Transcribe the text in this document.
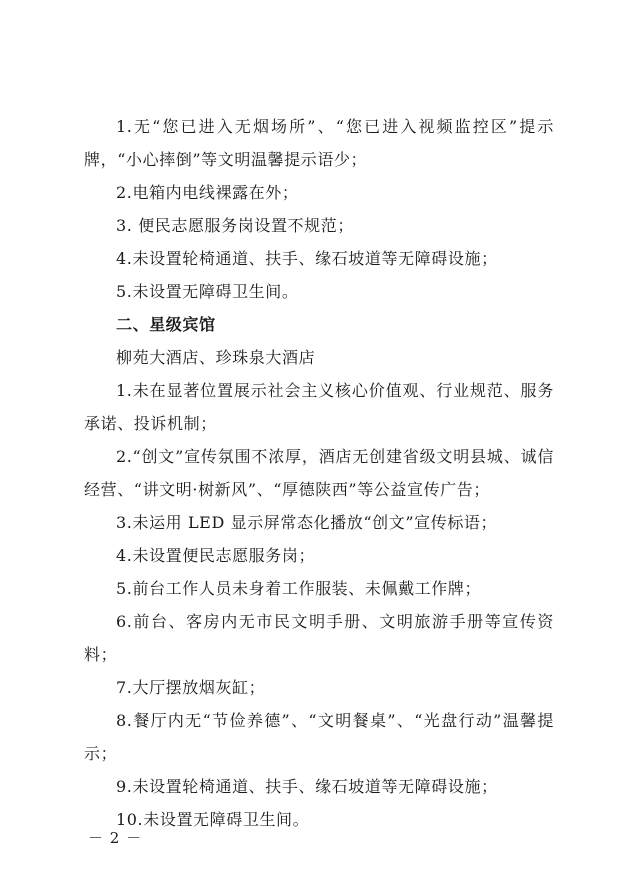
1.无“您已进入无烟场所”、“您已进入视频监控区”提示牌，“小心摔倒”等文明温馨提示语少；

2.电箱内电线裸露在外；

3. 便民志愿服务岗设置不规范；

4.未设置轮椅通道、扶手、缘石坡道等无障碍设施；

5.未设置无障碍卫生间。

二、星级宾馆

柳苑大酒店、珍珠泉大酒店

1.未在显著位置展示社会主义核心价值观、行业规范、服务承诺、投诉机制；

2.“创文”宣传氛围不浓厚，酒店无创建省级文明县城、诚信经营、“讲文明·树新风”、“厚德陕西”等公益宣传广告；

3.未运用 LED 显示屏常态化播放“创文”宣传标语；

4.未设置便民志愿服务岗；

5.前台工作人员未身着工作服装、未佩戴工作牌；

6.前台、客房内无市民文明手册、文明旅游手册等宣传资料；

7.大厅摆放烟灰缸；

8.餐厅内无“节俭养德”、“文明餐桌”、“光盘行动”温馨提示；

9.未设置轮椅通道、扶手、缘石坡道等无障碍设施；

10.未设置无障碍卫生间。

－ 2 －
